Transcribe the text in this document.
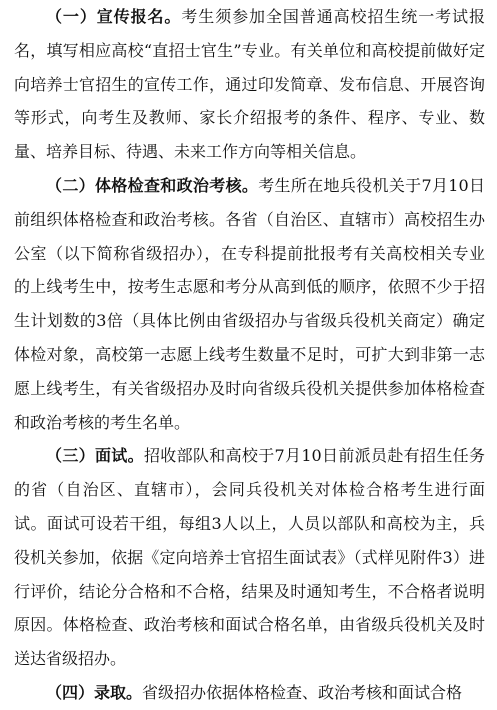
（一）宣传报名。考生须参加全国普通高校招生统一考试报名，填写相应高校“直招士官生”专业。有关单位和高校提前做好定向培养士官招生的宣传工作，通过印发简章、发布信息、开展咨询等形式，向考生及教师、家长介绍报考的条件、程序、专业、数量、培养目标、待遇、未来工作方向等相关信息。

（二）体格检查和政治考核。考生所在地兵役机关于7月10日前组织体格检查和政治考核。各省（自治区、直辖市）高校招生办公室（以下简称省级招办），在专科提前批报考有关高校相关专业的上线考生中，按考生志愿和考分从高到低的顺序，依照不少于招生计划数的3倍（具体比例由省级招办与省级兵役机关商定）确定体检对象，高校第一志愿上线考生数量不足时，可扩大到非第一志愿上线考生，有关省级招办及时向省级兵役机关提供参加体格检查和政治考核的考生名单。

（三）面试。招收部队和高校于7月10日前派员赴有招生任务的省（自治区、直辖市），会同兵役机关对体检合格考生进行面试。面试可设若干组，每组3人以上，人员以部队和高校为主，兵役机关参加，依据《定向培养士官招生面试表》（式样见附件3）进行评价，结论分合格和不合格，结果及时通知考生，不合格者说明原因。体格检查、政治考核和面试合格名单，由省级兵役机关及时送达省级招办。

（四）录取。省级招办依据体格检查、政治考核和面试合格
